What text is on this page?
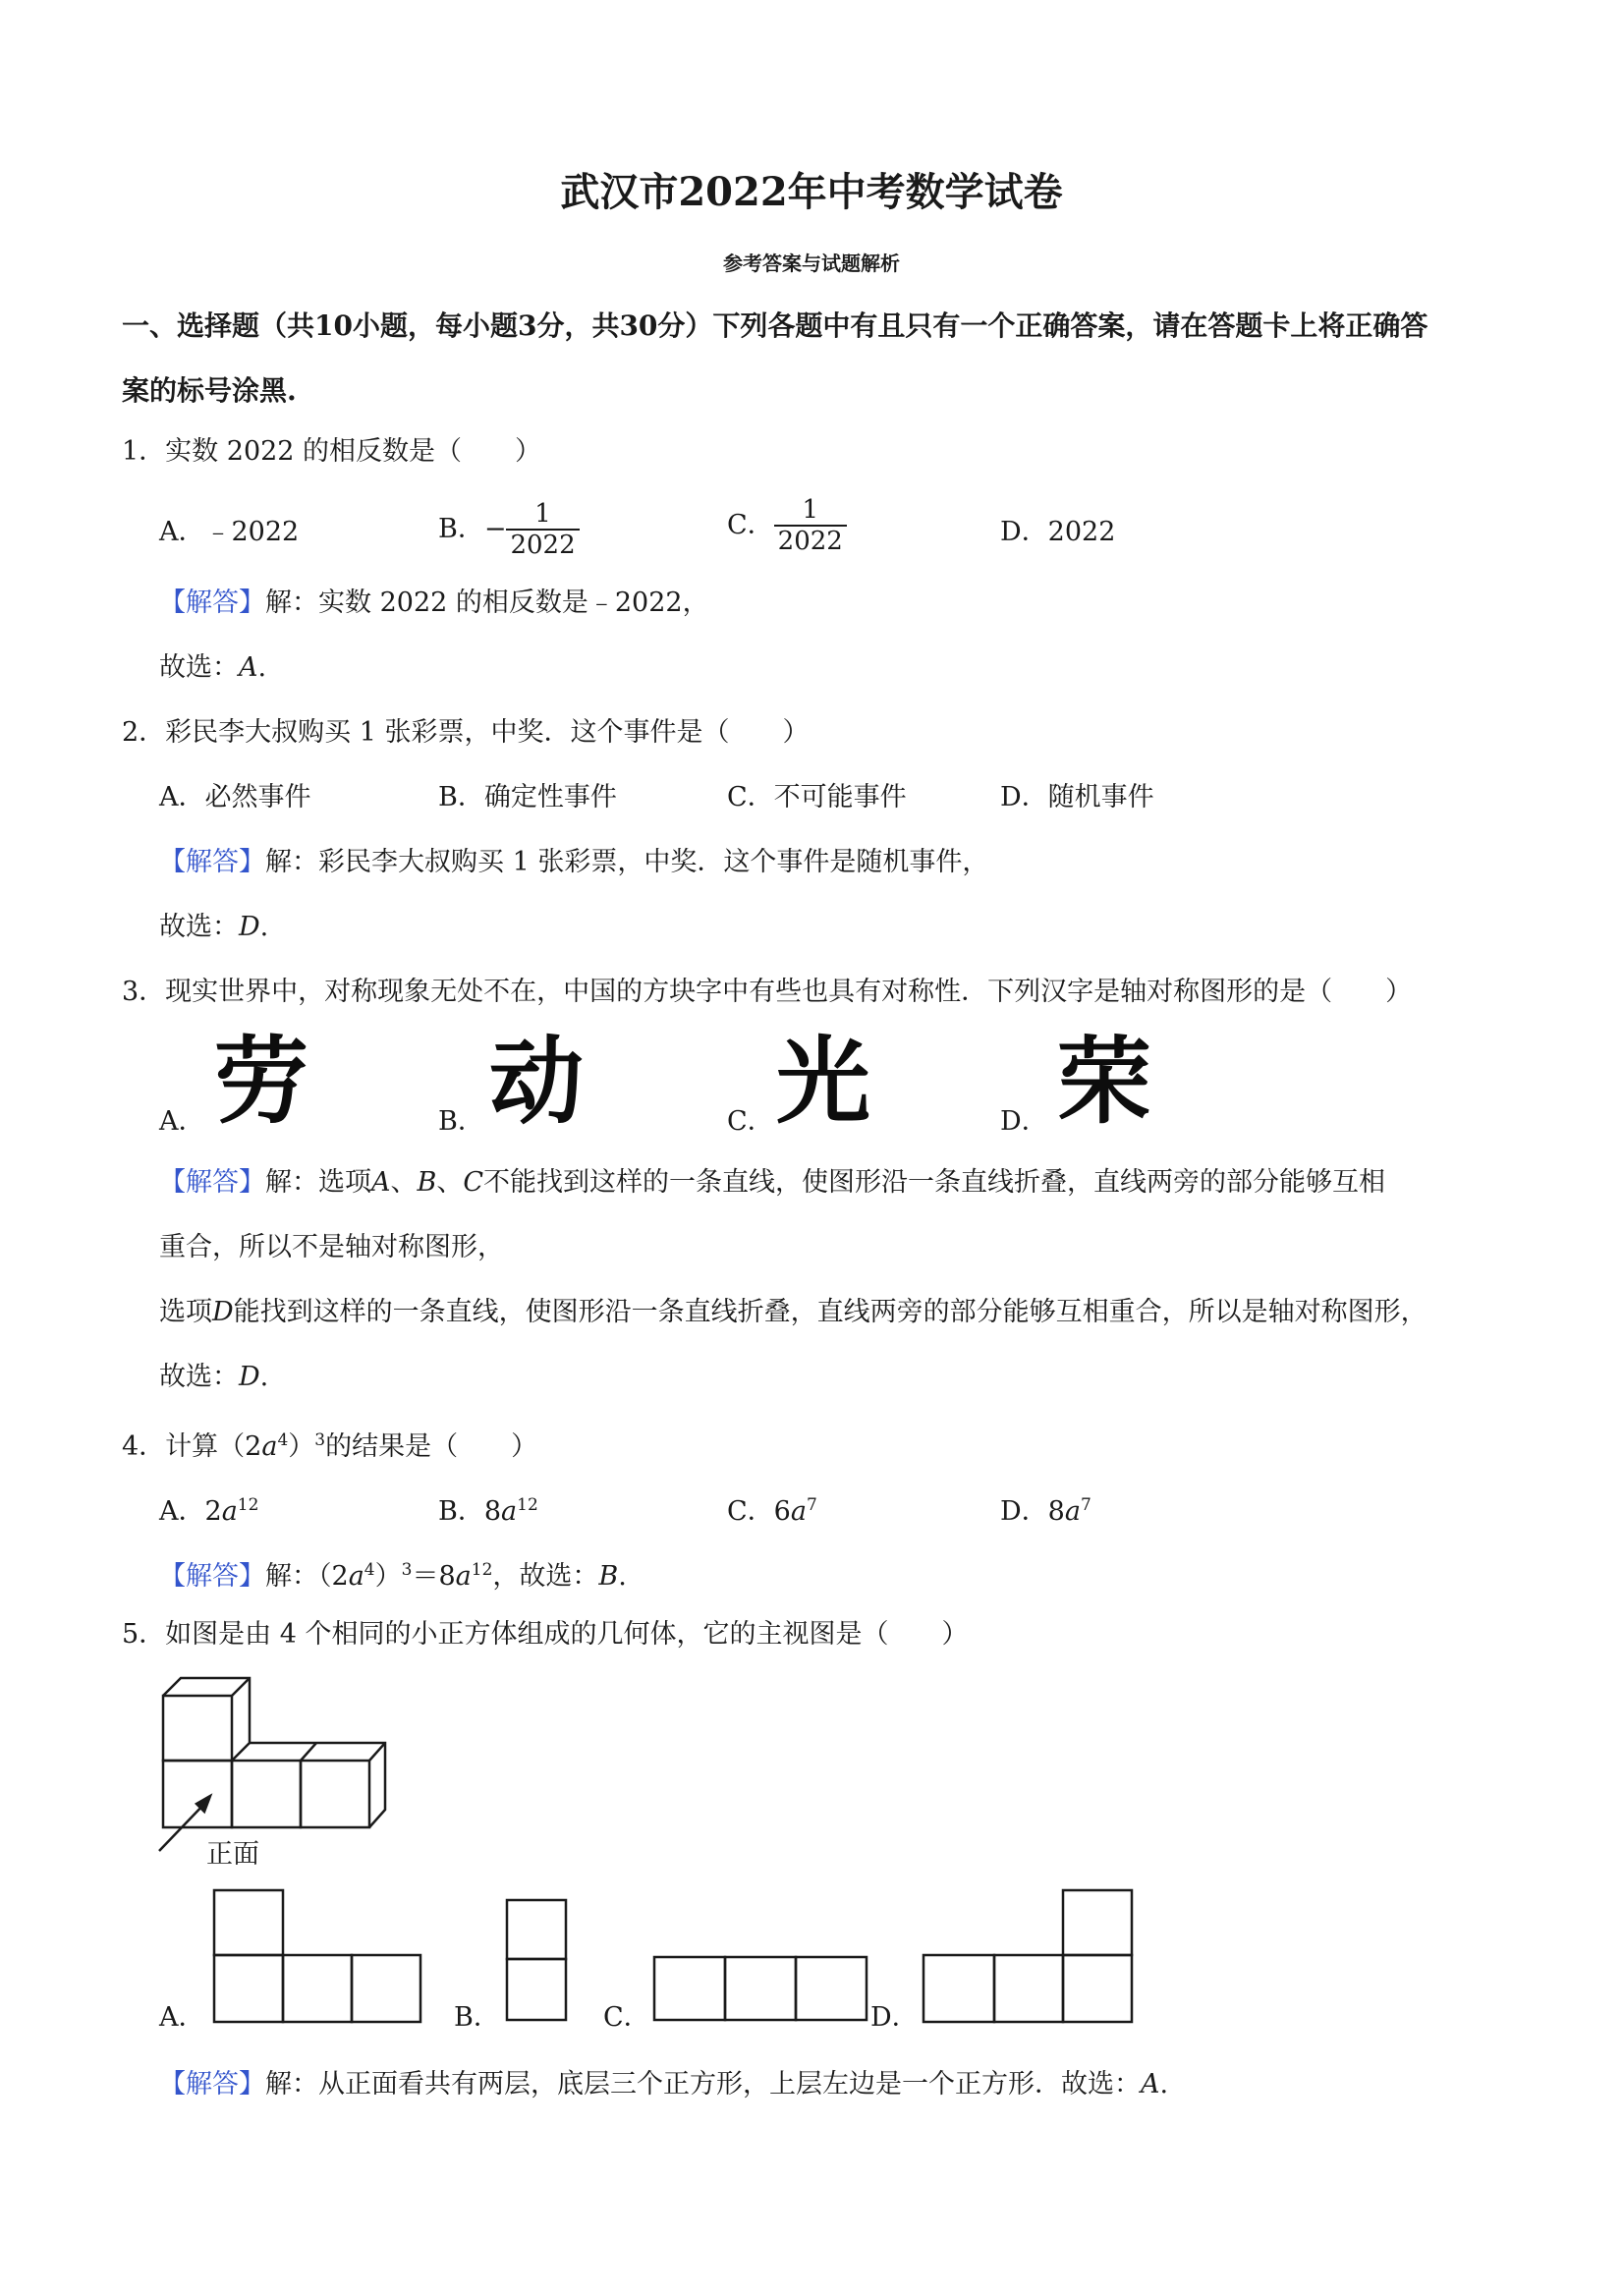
武汉市2022年中考数学试卷
参考答案与试题解析
一、选择题（共10小题，每小题3分，共30分）下列各题中有且只有一个正确答案，请在答题卡上将正确答
案的标号涂黑.
1．实数 2022 的相反数是（　　）
A．﹣2022	B．− $\frac{1}{2022}$	C． $\frac{1}{2022}$	D．2022
【解答】解：实数 2022 的相反数是﹣2022，
故选：A.
2．彩民李大叔购买 1 张彩票，中奖．这个事件是（　　）
A．必然事件	B．确定性事件	C．不可能事件	D．随机事件
【解答】解：彩民李大叔购买 1 张彩票，中奖．这个事件是随机事件，
故选：D.
3．现实世界中，对称现象无处不在，中国的方块字中有些也具有对称性．下列汉字是轴对称图形的是（　　）
A． 劳	B． 动	C． 光	D． 荣
【解答】解：选项A、B、C不能找到这样的一条直线，使图形沿一条直线折叠，直线两旁的部分能够互相
重合，所以不是轴对称图形，
选项D能找到这样的一条直线，使图形沿一条直线折叠，直线两旁的部分能够互相重合，所以是轴对称图形，
故选：D.
4．计算$(2a^4)^3$的结果是（　　）
A．$2a^{12}$	B．$8a^{12}$	C．$6a^7$	D．$8a^7$
【解答】解：$(2a^4)^3=8a^{12}$，故选：B.
5．如图是由 4 个相同的小正方体组成的几何体，它的主视图是（　　）
正面
A．	B．	C．	D．
【解答】解：从正面看共有两层，底层三个正方形，上层左边是一个正方形．故选：A.
